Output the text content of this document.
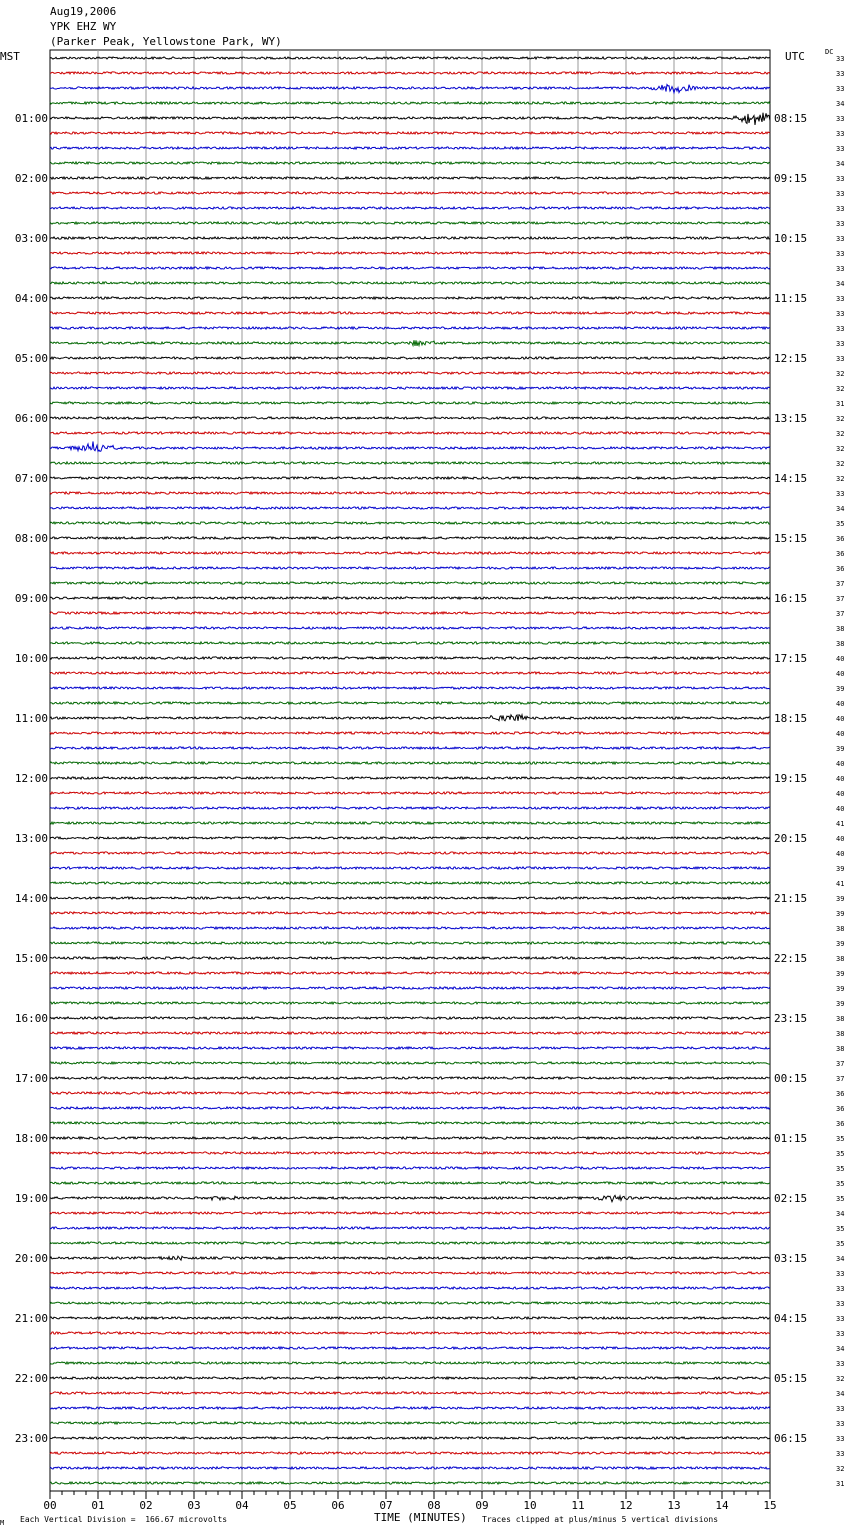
Aug19,2006
YPK EHZ WY
(Parker Peak, Yellowstone Park, WY)
MST	UTC	DC
00	01	02	03	04	05	06	07	08	09	10	11	12	13	14	15
33
33
33
34
33
33
33
34
33
33
33
33
33
33
33
34
33
33
33
33
33
32
32
31
32
32
32
32
32
33
34
35
36
36
36
37
37
37
38
38
40
40
39
40
40
40
39
40
40
40
40
41
40
40
39
41
39
39
38
39
38
39
39
39
38
38
38
37
37
36
36
36
35
35
35
35
35
34
35
35
34
33
33
33
33
33
34
33
32
34
33
33
33
33
32
31
01:00
02:00
03:00
04:00
05:00
06:00
07:00
08:00
09:00
10:00
11:00
12:00
13:00
14:00
15:00
16:00
17:00
18:00
19:00
20:00
21:00
22:00
23:00
08:15
09:15
10:15
11:15
12:15
13:15
14:15
15:15
16:15
17:15
18:15
19:15
20:15
21:15
22:15
23:15
00:15
01:15
02:15
03:15
04:15
05:15
06:15
TIME (MINUTES)
M Each Vertical Division =  166.67 microvolts	Traces clipped at plus/minus 5 vertical divisions
